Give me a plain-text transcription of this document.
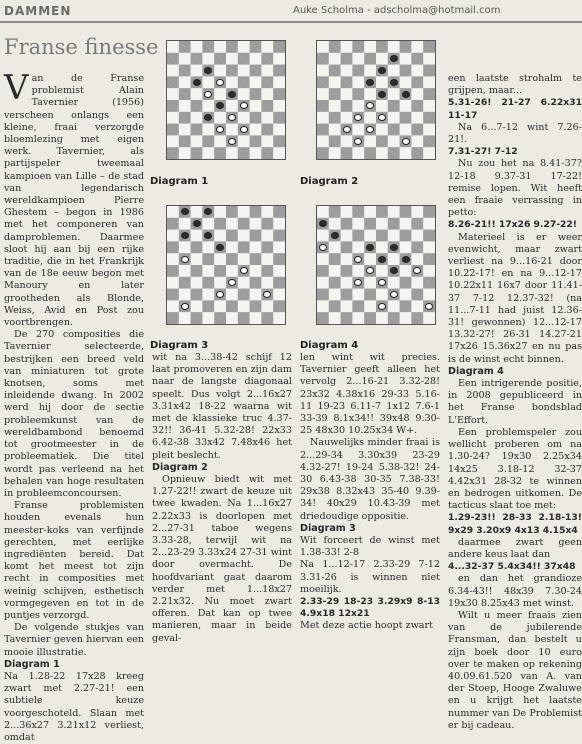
DAMMEN	Auke Scholma - adscholma@hotmail.com
Franse finesse

Van de Franse problemist Alain Tavernier (1956) verscheen onlangs een kleine, fraai verzorgde bloemlezing met eigen werk. Tavernier, als partijspeler tweemaal kampioen van Lille – de stad van legendarisch wereldkampioen Pierre Ghestem – begon in 1986 met het componeren van damproblemen. Daarmee sloot hij aan bij een rijke traditie, die in het Frankrijk van de 18e eeuw begon met Manoury en later grootheden als Blonde, Weiss, Avid en Post zou voortbrengen.

De 270 composities die Tavernier selecteerde, bestrijken een breed veld van miniaturen tot grote knotsen, soms met inleidende dwang. In 2002 werd hij door de sectie probleemkunst van de wereldbambond benoemd tot grootmeester in de probleematiek. Die titel wordt pas verleend na het behalen van hoge resultaten in probleemconcoursen.

Franse problemisten houden evenals hun meester-koks van verfijnde gerechten, met eerlijke ingrediënten bereid. Dat komt het meest tot zijn recht in composities met weinig schijven, esthetisch vormgegeven en tot in de puntjes verzorgd.

De volgende stukjes van Tavernier geven hiervan een mooie illustratie.

Diagram 1

Na 1.28-22 17x28 kreeg zwart met 2.27-21! een subtiele keuze voorgeschoteld. Slaan met 2...36x27 3.21x12 verliest, omdat

Diagram 1	Diagram 2
Diagram 3	Diagram 4

wit na 3...38-42 schijf 12 laat promoveren en zijn dam naar de langste diagonaal speelt. Dus volgt 2...16x27 3.31x42 18-22 waarna wit met de klassieke truc 4.37-32!! 36-41 5.32-28! 22x33 6.42-38 33x42 7.48x46 het pleit beslecht.

Diagram 2

Opnieuw biedt wit met 1.27-22!! zwart de keuze uit twee kwaden. Na 1...16x27 2.22x33 is doorlopen met 2...27-31 taboe wegens 3.33-28, terwijl wit na 2...23-29 3.33x24 27-31 wint door overmacht. De hoofdvariant gaat daarom verder met 1...18x27 2.21x32. Nu moet zwart offeren. Dat kan op twee manieren, maar in beide geval-

len wint wit precies. Tavernier geeft alleen het vervolg 2...16-21 3.32-28! 23x32 4.38x16 29-33 5.16-11 19-23 6.11-7 1x12 7.6-1 33-39 8.1x34!! 39x48 9.30-25 48x30 10.25x34 W+.

Nauwelijks minder fraai is 2...29-34 3.30x39 23-29 4.32-27! 19-24 5.38-32! 24-30 6.43-38 30-35 7.38-33! 29x38 8.32x43 35-40 9.39-34! 40x29 10.43-39 met driedoudige oppositie.

Diagram 3

Wit forceert de winst met 1.38-33! 2-8

Na 1...12-17 2.33-29 7-12 3.31-26 is winnen niet moeilijk.

2.33-29 18-23 3.29x9 8-13 4.9x18 12x21

Met deze actie hoopt zwart

een laatste strohalm te grijpen, maar...

5.31-26! 21-27 6.22x31 11-17

Na 6...7-12 wint 7.26-21!.

7.31-27! 7-12

Nu zou het na 8.41-37? 12-18 9.37-31 17-22! remise lopen. Wit heeft een fraaie verrassing in petto:

8.26-21!! 17x26 9.27-22!

Materieel is er weer evenwicht, maar zwart verliest na 9...16-21 door 10.22-17! en na 9...12-17 10.22x11 16x7 door 11.41-37 7-12 12.37-32! (na 11...7-11 had juist 12.36-31! gewonnen) 12...12-17 13.32-27! 26-31 14.27-21 17x26 15.36x27 en nu pas is de winst echt binnen.

Diagram 4

Een intrigerende positie, in 2008 gepubliceerd in het Franse bondsblad L'Effort.

Een problemspeler zou wellicht proberen om na 1.30-24? 19x30 2.25x34 14x25 3.18-12 32-37 4.42x31 28-32 te winnen en bedrogen uitkomen. De tacticus slaat toe met:

1.29-23!! 28-33 2.18-13! 9x29 3.20x9 4x13 4.15x4

daarmee zwart geen andere keus laat dan

4...32-37 5.4x34!! 37x48

en dan het grandioze 6.34-43!! 48x39 7.30-24 19x30 8.25x43 met winst.

Wilt u meer fraais zien van de jubilerende Fransman, dan bestelt u zijn boek door 10 euro over te maken op rekening 40.09.61.520 van A. van der Stoep, Hooge Zwaluwe en u krijgt het laatste nummer van De Problemist er bij cadeau.
